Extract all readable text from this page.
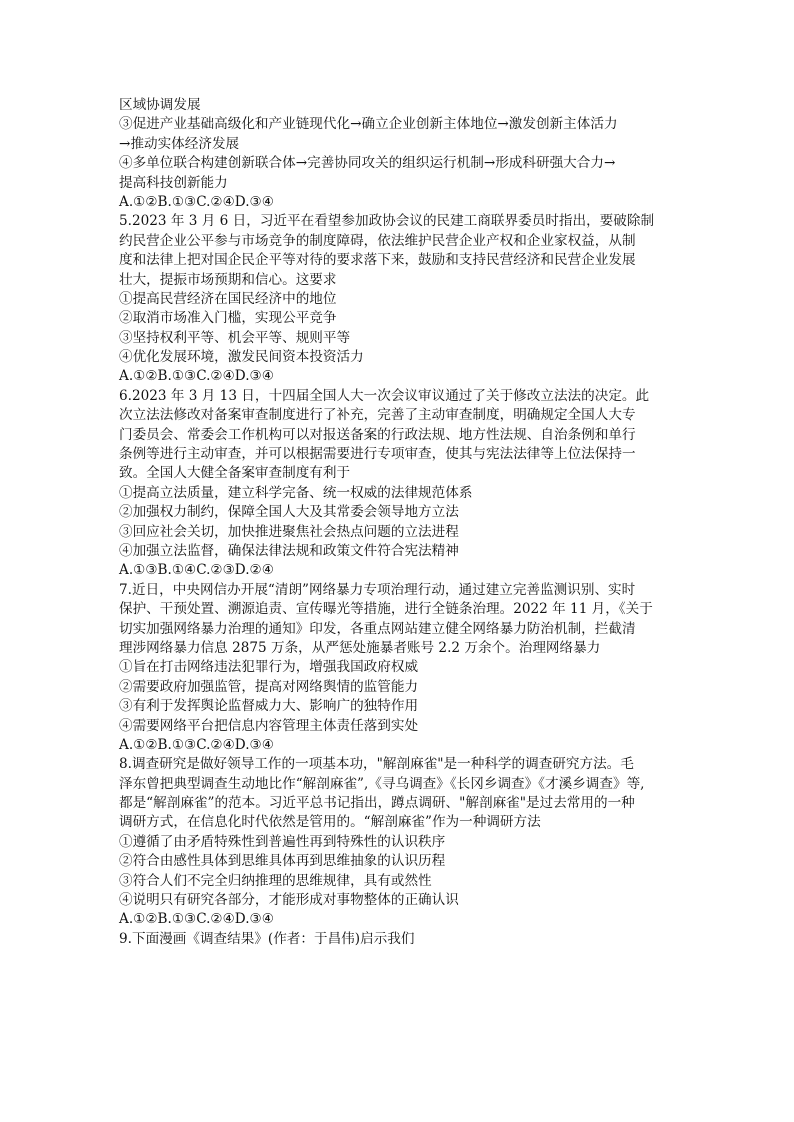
区域协调发展
③促进产业基础高级化和产业链现代化→确立企业创新主体地位→激发创新主体活力
→推动实体经济发展
④多单位联合构建创新联合体→完善协同攻关的组织运行机制→形成科研强大合力→
提高科技创新能力
A.①②B.①③C.②④D.③④
5.2023 年 3 月 6 日，习近平在看望参加政协会议的民建工商联界委员时指出，要破除制
约民营企业公平参与市场竞争的制度障碍，依法维护民营企业产权和企业家权益，从制
度和法律上把对国企民企平等对待的要求落下来，鼓励和支持民营经济和民营企业发展
壮大，提振市场预期和信心。这要求
①提高民营经济在国民经济中的地位
②取消市场准入门槛，实现公平竞争
③坚持权利平等、机会平等、规则平等
④优化发展环境，激发民间资本投资活力
A.①②B.①③C.②④D.③④
6.2023 年 3 月 13 日，十四届全国人大一次会议审议通过了关于修改立法法的决定。此
次立法法修改对备案审查制度进行了补充，完善了主动审查制度，明确规定全国人大专
门委员会、常委会工作机构可以对报送备案的行政法规、地方性法规、自治条例和单行
条例等进行主动审查，并可以根据需要进行专项审查，使其与宪法法律等上位法保持一
致。全国人大健全备案审查制度有利于
①提高立法质量，建立科学完备、统一权威的法律规范体系
②加强权力制约，保障全国人大及其常委会领导地方立法
③回应社会关切，加快推进聚焦社会热点问题的立法进程
④加强立法监督，确保法律法规和政策文件符合宪法精神
A.①③B.①④C.②③D.②④
7.近日，中央网信办开展“清朗”网络暴力专项治理行动，通过建立完善监测识别、实时
保护、干预处置、溯源追责、宣传曝光等措施，进行全链条治理。2022 年 11 月，《关于
切实加强网络暴力治理的通知》印发，各重点网站建立健全网络暴力防治机制，拦截清
理涉网络暴力信息 2875 万条，从严惩处施暴者账号 2.2 万余个。治理网络暴力
①旨在打击网络违法犯罪行为，增强我国政府权威
②需要政府加强监管，提高对网络舆情的监管能力
③有利于发挥舆论监督威力大、影响广的独特作用
④需要网络平台把信息内容管理主体责任落到实处
A.①②B.①③C.②④D.③④
8.调查研究是做好领导工作的一项基本功，"解剖麻雀"是一种科学的调查研究方法。毛
泽东曾把典型调查生动地比作“解剖麻雀”,《寻乌调查》《长冈乡调查》《才溪乡调查》等,
都是“解剖麻雀”的范本。习近平总书记指出，蹲点调研、"解剖麻雀"是过去常用的一种
调研方式，在信息化时代依然是管用的。“解剖麻雀”作为一种调研方法
①遵循了由矛盾特殊性到普遍性再到特殊性的认识秩序
②符合由感性具体到思维具体再到思维抽象的认识历程
③符合人们不完全归纳推理的思维规律，具有或然性
④说明只有研究各部分，才能形成对事物整体的正确认识
A.①②B.①③C.②④D.③④
9.下面漫画《调查结果》(作者：于昌伟)启示我们
